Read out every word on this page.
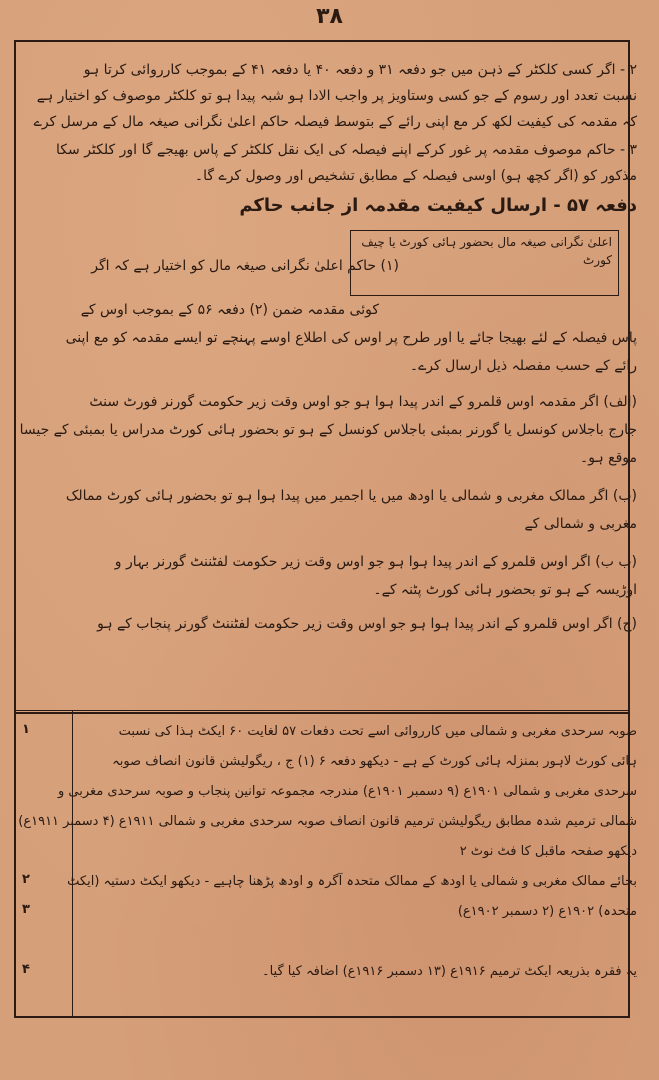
۳۸
۲ - اگر کسی کلکٹر کے ذہن میں جو دفعہ ۳۱ و دفعہ ۴۰ یا دفعہ ۴۱ کے بموجب کارروائی کرتا ہو
نسبت تعدد اور رسوم کے جو کسی وستاویز پر واجب الادا ہو شبہ پیدا ہو تو کلکٹر موصوف کو اختیار ہے
کہ مقدمہ کی کیفیت لکھ کر مع اپنی رائے کے بتوسط فیصلہ حاکم اعلیٰ نگرانی صیغہ مال کے مرسل کرے
۳ - حاکم موصوف مقدمہ پر غور کرکے اپنے فیصلہ کی ایک نقل کلکٹر کے پاس بھیجے گا اور کلکٹر سکا
مذکور کو (اگر کچھ ہو) اوسی فیصلہ کے مطابق تشخیص اور وصول کرے گا۔
دفعہ ۵۷ - ارسال کیفیت مقدمہ از جانب حاکم
(۱) حاکم اعلیٰ نگرانی صیغہ مال کو اختیار ہے کہ اگر
اعلیٰ نگرانی صیغہ مال بحضور ہائی کورٹ یا چیف کورٹ
کوئی مقدمہ ضمن (۲) دفعہ ۵۶ کے بموجب اوس کے
پاس فیصلہ کے لئے بھیجا جائے یا اور طرح پر اوس کی اطلاع اوسے پہنچے تو ایسے مقدمہ کو مع اپنی
رائے کے حسب مفصلہ ذیل ارسال کرے۔
(الف) اگر مقدمہ اوس قلمرو کے اندر پیدا ہوا ہو جو اوس وقت زیر حکومت گورنر فورٹ سنٹ
جارج باجلاس کونسل یا گورنر بمبئی باجلاس کونسل کے ہو تو بحضور ہائی کورٹ مدراس یا بمبئی کے جیسا
موقع ہو۔
(ب) اگر ممالک مغربی و شمالی یا اودھ میں یا اجمیر میں پیدا ہوا ہو تو بحضور ہائی کورٹ ممالک
مغربی و شمالی کے
(ب ب) اگر اوس قلمرو کے اندر پیدا ہوا ہو جو اوس وقت زیر حکومت لفٹننٹ گورنر بہار و
اوڑیسہ کے ہو تو بحضور ہائی کورٹ پٹنہ کے۔
(ج) اگر اوس قلمرو کے اندر پیدا ہوا ہو جو اوس وقت زیر حکومت لفٹننٹ گورنر پنجاب کے ہو
۱	صوبہ سرحدی مغربی و شمالی میں کارروائی اسے تحت دفعات ۵۷ لغایت ۶۰ ایکٹ ہذا کی نسبت
ہائی کورٹ لاہور بمنزلہ ہائی کورٹ کے ہے - دیکھو دفعہ ۶ (۱) ج ، ریگولیشن قانون انصاف صوبہ
سرحدی مغربی و شمالی ۱۹۰۱ع (۹ دسمبر ۱۹۰۱ع) مندرجہ مجموعہ توانین پنجاب و صوبہ سرحدی مغربی و
شمالی ترمیم شدہ مطابق ریگولیشن ترمیم قانون انصاف صوبہ سرحدی مغربی و شمالی ۱۹۱۱ع (۴ دسمبر ۱۹۱۱ع)
دیکھو صفحہ ماقبل کا فٹ نوٹ ۲
۲	بجائے ممالک مغربی و شمالی یا اودھ کے ممالک متحدہ آگرہ و اودھ پڑھنا چاہیے - دیکھو ایکٹ دستیہ (ایکٹ
۳	متحدہ) ۱۹۰۲ع (۲ دسمبر ۱۹۰۲ع)
۴	یہ فقرہ بذریعہ ایکٹ ترمیم ۱۹۱۶ع (۱۳ دسمبر ۱۹۱۶ع) اضافہ کیا گیا۔
